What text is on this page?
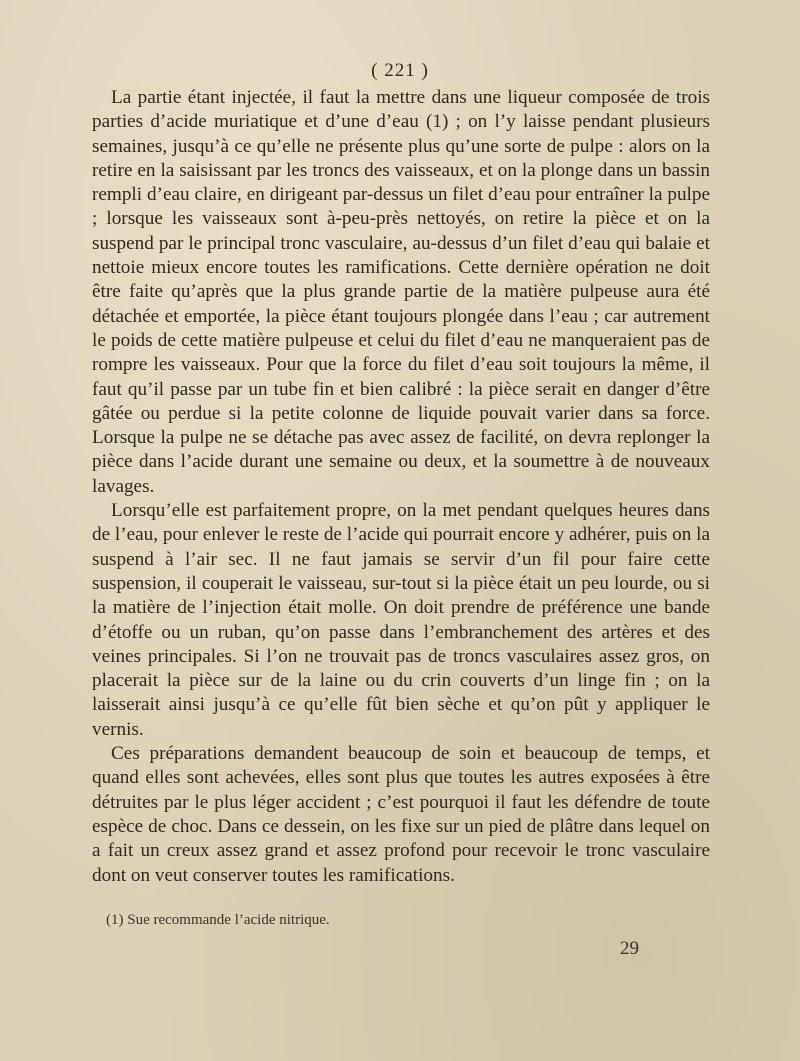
( 221 )

La partie étant injectée, il faut la mettre dans une liqueur composée de trois parties d’acide muriatique et d’une d’eau (1) ; on l’y laisse pendant plusieurs semaines, jusqu’à ce qu’elle ne présente plus qu’une sorte de pulpe : alors on la retire en la saisissant par les troncs des vaisseaux, et on la plonge dans un bassin rempli d’eau claire, en dirigeant par-dessus un filet d’eau pour entraîner la pulpe ; lorsque les vaisseaux sont à-peu-près nettoyés, on retire la pièce et on la suspend par le principal tronc vasculaire, au-dessus d’un filet d’eau qui balaie et nettoie mieux encore toutes les ramifications. Cette dernière opération ne doit être faite qu’après que la plus grande partie de la matière pulpeuse aura été détachée et emportée, la pièce étant toujours plongée dans l’eau ; car autrement le poids de cette matière pulpeuse et celui du filet d’eau ne manqueraient pas de rompre les vaisseaux. Pour que la force du filet d’eau soit toujours la même, il faut qu’il passe par un tube fin et bien calibré : la pièce serait en danger d’être gâtée ou perdue si la petite colonne de liquide pouvait varier dans sa force. Lorsque la pulpe ne se détache pas avec assez de facilité, on devra replonger la pièce dans l’acide durant une semaine ou deux, et la soumettre à de nouveaux lavages.

Lorsqu’elle est parfaitement propre, on la met pendant quelques heures dans de l’eau, pour enlever le reste de l’acide qui pourrait encore y adhérer, puis on la suspend à l’air sec. Il ne faut jamais se servir d’un fil pour faire cette suspension, il couperait le vaisseau, sur-tout si la pièce était un peu lourde, ou si la matière de l’injection était molle. On doit prendre de préférence une bande d’étoffe ou un ruban, qu’on passe dans l’embranchement des artères et des veines principales. Si l’on ne trouvait pas de troncs vasculaires assez gros, on placerait la pièce sur de la laine ou du crin couverts d’un linge fin ; on la laisserait ainsi jusqu’à ce qu’elle fût bien sèche et qu’on pût y appliquer le vernis.

Ces préparations demandent beaucoup de soin et beaucoup de temps, et quand elles sont achevées, elles sont plus que toutes les autres exposées à être détruites par le plus léger accident ; c’est pourquoi il faut les défendre de toute espèce de choc. Dans ce dessein, on les fixe sur un pied de plâtre dans lequel on a fait un creux assez grand et assez profond pour recevoir le tronc vasculaire dont on veut conserver toutes les ramifications.

(1) Sue recommande l’acide nitrique.
29
